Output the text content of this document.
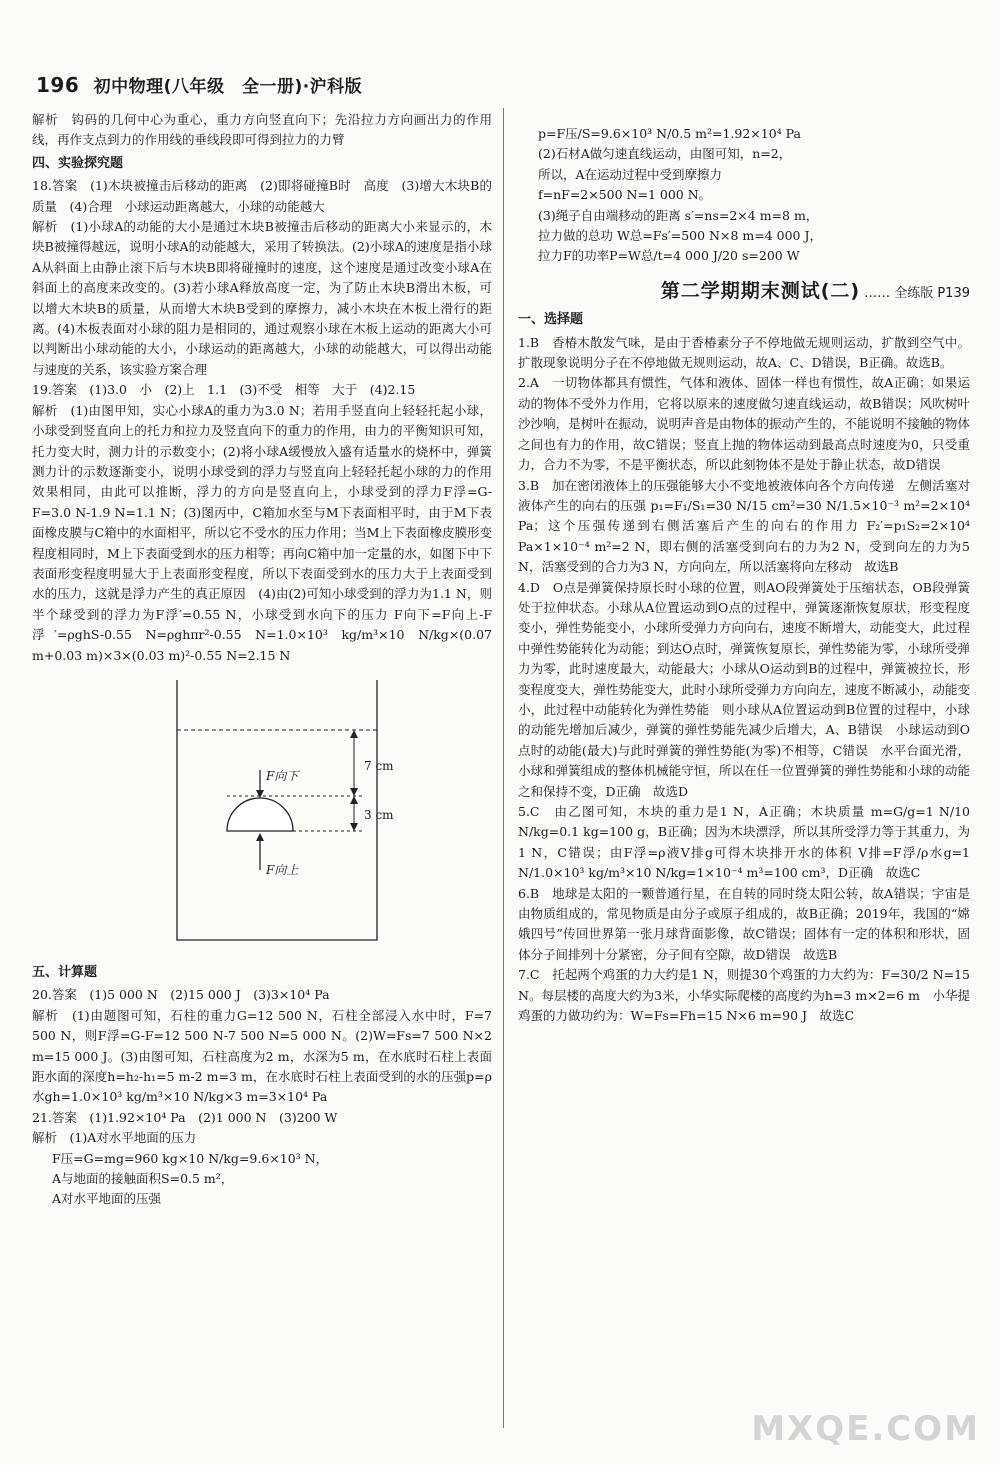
196 初中物理(八年级　全一册)·沪科版

解析　钩码的几何中心为重心，重力方向竖直向下；先沿拉力方向画出力的作用线，再作支点到力的作用线的垂线段即可得到拉力的力臂

四、实验探究题

18.答案　(1)木块被撞击后移动的距离　(2)即将碰撞B时　高度　(3)增大木块B的质量　(4)合理　小球运动距离越大，小球的动能越大

解析　(1)小球A的动能的大小是通过木块B被撞击后移动的距离大小来显示的，木块B被撞得越远，说明小球A的动能越大，采用了转换法。(2)小球A的速度是指小球A从斜面上由静止滚下后与木块B即将碰撞时的速度，这个速度是通过改变小球A在斜面上的高度来改变的。(3)若小球A释放高度一定，为了防止木块B滑出木板，可以增大木块B的质量，从而增大木块B受到的摩擦力，减小木块在木板上滑行的距离。(4)木板表面对小球的阻力是相同的，通过观察小球在木板上运动的距离大小可以判断出小球动能的大小，小球运动的距离越大，小球的动能越大，可以得出动能与速度的关系，该实验方案合理

19.答案　(1)3.0　小　(2)上　1.1　(3)不受　相等　大于　(4)2.15

解析　(1)由图甲知，实心小球A的重力为3.0 N；若用手竖直向上轻轻托起小球，小球受到竖直向上的托力和拉力及竖直向下的重力的作用，由力的平衡知识可知，托力变大时，测力计的示数变小；(2)将小球A缓慢放入盛有适量水的烧杯中，弹簧测力计的示数逐渐变小，说明小球受到的浮力与竖直向上轻轻托起小球的力的作用效果相同，由此可以推断，浮力的方向是竖直向上，小球受到的浮力F浮=G-F=3.0 N-1.9 N=1.1 N；(3)图丙中，C箱加水至与M下表面相平时，由于M下表面橡皮膜与C箱中的水面相平，所以它不受水的压力作用；当M上下表面橡皮膜形变程度相同时，M上下表面受到水的压力相等；再向C箱中加一定量的水，如图下中下表面形变程度明显大于上表面形变程度，所以下表面受到水的压力大于上表面受到水的压力，这就是浮力产生的真正原因　(4)由(2)可知小球受到的浮力为1.1 N，则半个球受到的浮力为F浮′=0.55 N，小球受到水向下的压力 F向下=F向上-F浮′=ρghS-0.55 N=ρghπr²-0.55 N=1.0×10³ kg/m³×10 N/kg×(0.07 m+0.03 m)×3×(0.03 m)²-0.55 N=2.15 N

7 cm
3 cm
F向下
F向上
五、计算题

20.答案　(1)5 000 N　(2)15 000 J　(3)3×10⁴ Pa

解析　(1)由题图可知，石柱的重力G=12 500 N，石柱全部浸入水中时，F=7 500 N，则F浮=G-F=12 500 N-7 500 N=5 000 N。(2)W=Fs=7 500 N×2 m=15 000 J。(3)由图可知，石柱高度为2 m，水深为5 m，在水底时石柱上表面距水面的深度h=h₂-h₁=5 m-2 m=3 m，在水底时石柱上表面受到的水的压强p=ρ水gh=1.0×10³ kg/m³×10 N/kg×3 m=3×10⁴ Pa

21.答案　(1)1.92×10⁴ Pa　(2)1 000 N　(3)200 W

解析　(1)A对水平地面的压力

F压=G=mg=960 kg×10 N/kg=9.6×10³ N，

A与地面的接触面积S=0.5 m²，

A对水平地面的压强

p=F压/S=9.6×10³ N/0.5 m²=1.92×10⁴ Pa

(2)石材A做匀速直线运动，由图可知，n=2，

所以，A在运动过程中受到摩擦力

f=nF=2×500 N=1 000 N。

(3)绳子自由端移动的距离 s′=ns=2×4 m=8 m，

拉力做的总功 W总=Fs′=500 N×8 m=4 000 J，

拉力F的功率P=W总/t=4 000 J/20 s=200 W

第二学期期末测试(二) …… 全练版 P139
一、选择题

1.B　香椿木散发气味，是由于香椿素分子不停地做无规则运动，扩散到空气中。扩散现象说明分子在不停地做无规则运动，故A、C、D错误，B正确。故选B。

2.A　一切物体都具有惯性，气体和液体、固体一样也有惯性，故A正确；如果运动的物体不受外力作用，它将以原来的速度做匀速直线运动，故B错误；风吹树叶沙沙响，是树叶在振动，说明声音是由物体的振动产生的，不能说明不接触的物体之间也有力的作用，故C错误；竖直上抛的物体运动到最高点时速度为0，只受重力，合力不为零，不是平衡状态，所以此刻物体不是处于静止状态，故D错误

3.B　加在密闭液体上的压强能够大小不变地被液体向各个方向传递　左侧活塞对液体产生的向右的压强 p₁=F₁/S₁=30 N/15 cm²=30 N/1.5×10⁻³ m²=2×10⁴ Pa；这个压强传递到右侧活塞后产生的向右的作用力 F₂′=p₁S₂=2×10⁴ Pa×1×10⁻⁴ m²=2 N，即右侧的活塞受到向右的力为2 N，受到向左的力为5 N，活塞受到的合力为3 N，方向向左，所以活塞将向左移动　故选B

4.D　O点是弹簧保持原长时小球的位置，则AO段弹簧处于压缩状态，OB段弹簧处于拉伸状态。小球从A位置运动到O点的过程中，弹簧逐渐恢复原状，形变程度变小，弹性势能变小，小球所受弹力方向向右，速度不断增大，动能变大，此过程中弹性势能转化为动能；到达O点时，弹簧恢复原长，弹性势能为零，小球所受弹力为零，此时速度最大，动能最大；小球从O运动到B的过程中，弹簧被拉长，形变程度变大，弹性势能变大，此时小球所受弹力方向向左，速度不断减小，动能变小，此过程中动能转化为弹性势能　则小球从A位置运动到B位置的过程中，小球的动能先增加后减少，弹簧的弹性势能先减少后增大，A、B错误　小球运动到O点时的动能(最大)与此时弹簧的弹性势能(为零)不相等，C错误　水平台面光滑，小球和弹簧组成的整体机械能守恒，所以在任一位置弹簧的弹性势能和小球的动能之和保持不变，D正确　故选D

5.C　由乙图可知，木块的重力是1 N，A正确；木块质量 m=G/g=1 N/10 N/kg=0.1 kg=100 g，B正确；因为木块漂浮，所以其所受浮力等于其重力，为1 N，C错误；由F浮=ρ液V排g可得木块排开水的体积 V排=F浮/ρ水g=1 N/1.0×10³ kg/m³×10 N/kg=1×10⁻⁴ m³=100 cm³，D正确　故选C

6.B　地球是太阳的一颗普通行星，在自转的同时绕太阳公转，故A错误；宇宙是由物质组成的，常见物质是由分子或原子组成的，故B正确；2019年，我国的“嫦娥四号”传回世界第一张月球背面影像，故C错误；固体有一定的体积和形状，固体分子间排列十分紧密，分子间有空隙，故D错误　故选B

7.C　托起两个鸡蛋的力大约是1 N，则提30个鸡蛋的力大约为：F=30/2 N=15 N。每层楼的高度大约为3米，小华实际爬楼的高度约为h=3 m×2=6 m　小华提鸡蛋的力做功约为：W=Fs=Fh=15 N×6 m=90 J　故选C

MXQE.COM
